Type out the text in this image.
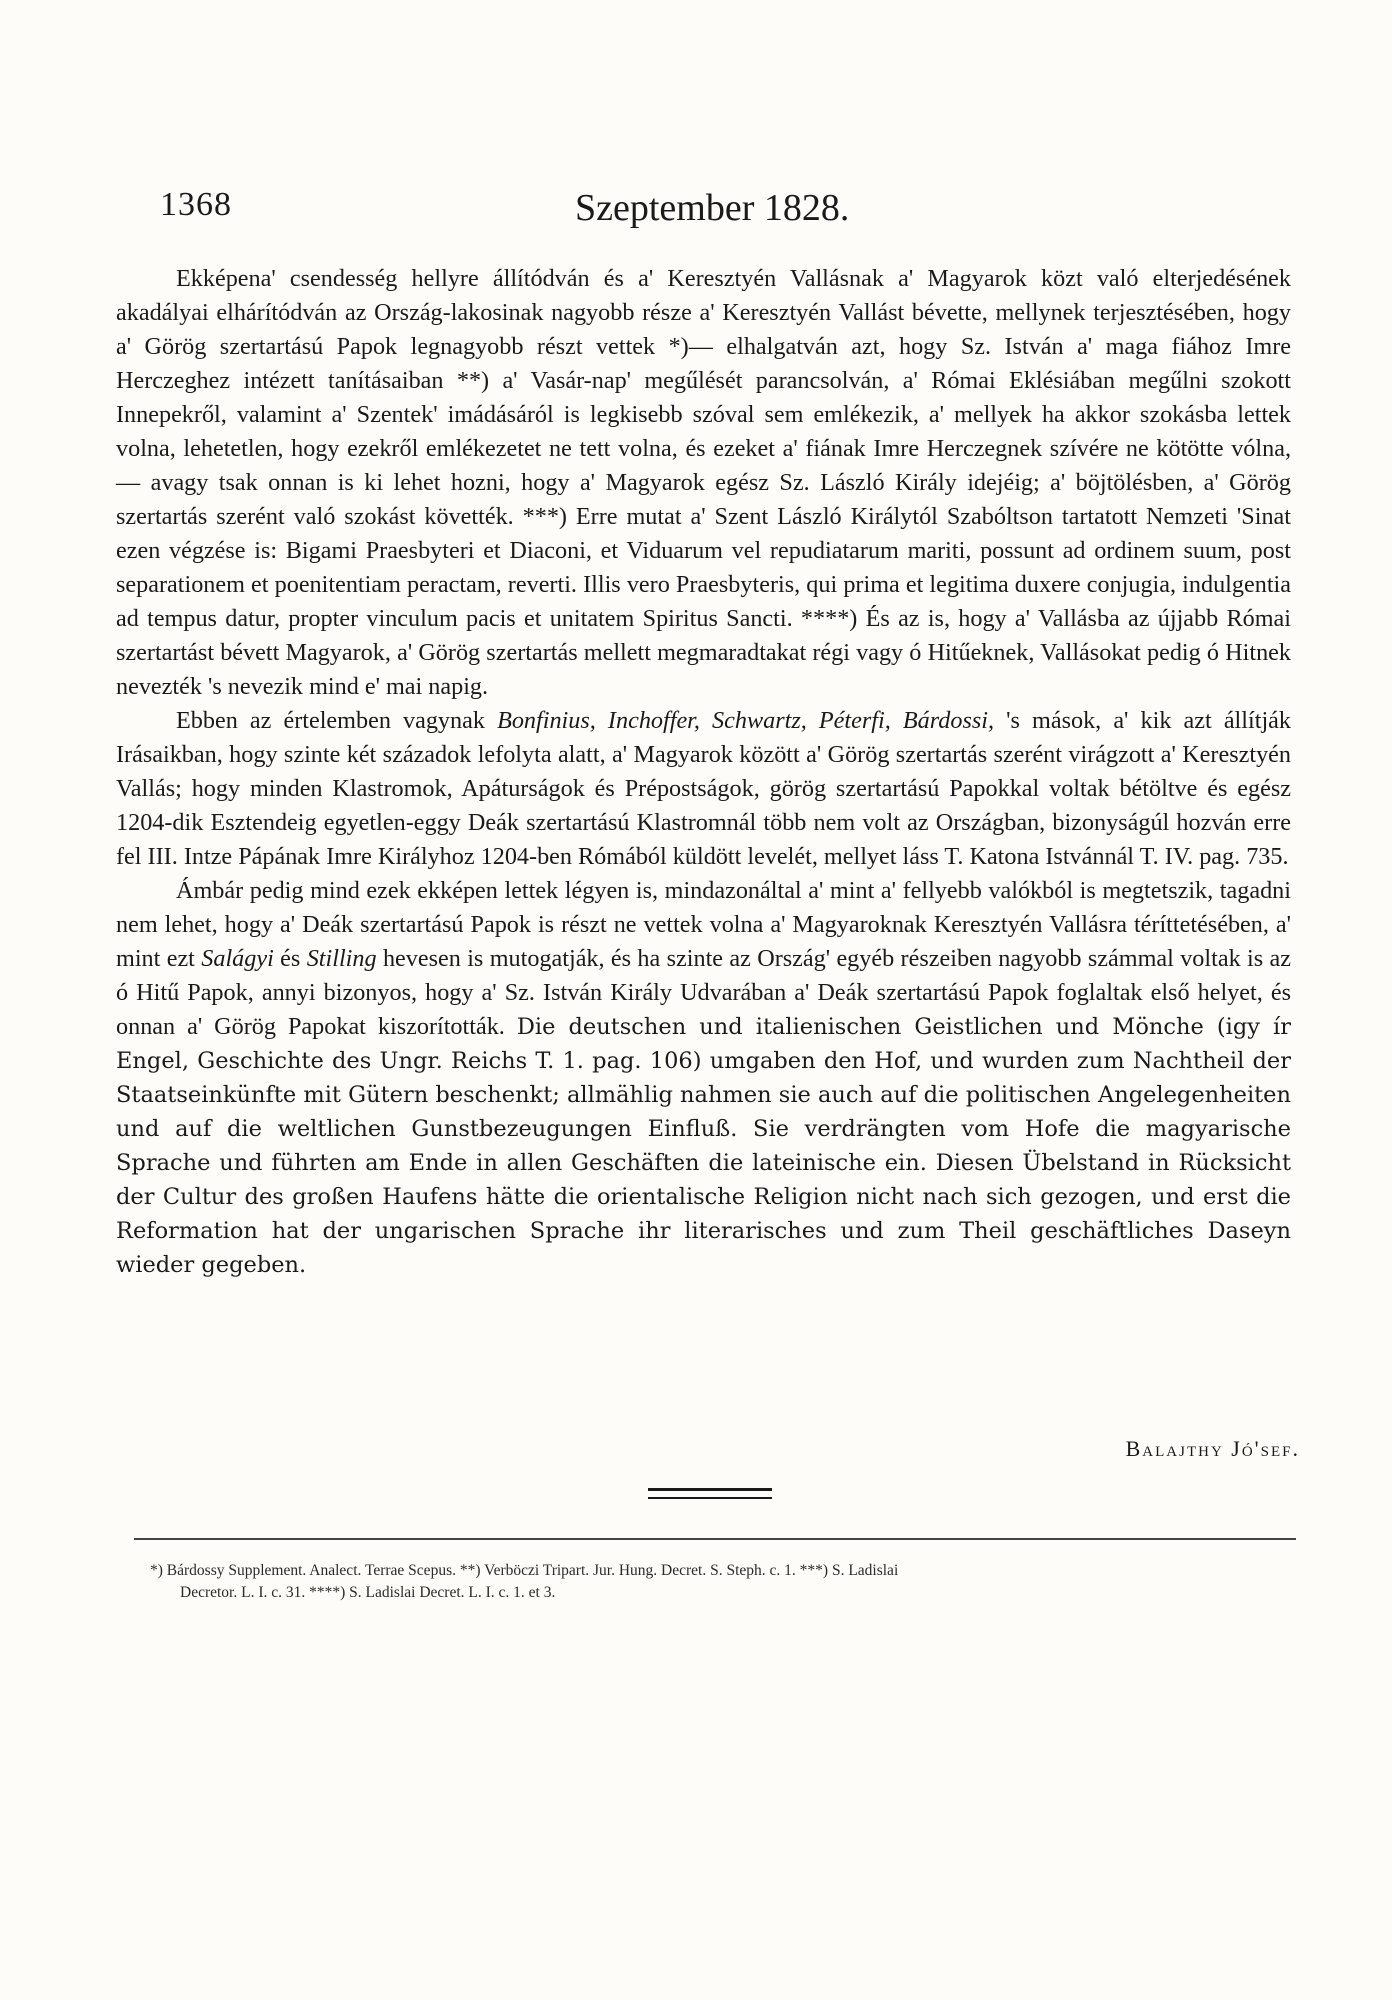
1368	Szeptember 1828.

Ekképena' csendesség hellyre állítódván és a' Keresztyén Vallásnak a' Magyarok közt való elterjedésének akadályai elhárítódván az Ország-lakosinak nagyobb része a' Keresztyén Vallást bévette, mellynek terjesztésében, hogy a' Görög szertartású Papok legnagyobb részt vettek *)— elhalgatván azt, hogy Sz. István a' maga fiához Imre Herczeghez intézett tanításaiban **) a' Vasár-nap' megűlését parancsolván, a' Római Eklésiában megűlni szokott Innepekről, valamint a' Szentek' imádásáról is legkisebb szóval sem emlékezik, a' mellyek ha akkor szokásba lettek volna, lehetetlen, hogy ezekről emlékezetet ne tett volna, és ezeket a' fiának Imre Herczegnek szívére ne kötötte vólna, — avagy tsak onnan is ki lehet hozni, hogy a' Magyarok egész Sz. László Király idejéig; a' böjtölésben, a' Görög szertartás szerént való szokást követték. ***) Erre mutat a' Szent László Királytól Szabóltson tartatott Nemzeti 'Sinat ezen végzése is: Bigami Praesbyteri et Diaconi, et Viduarum vel repudiatarum mariti, possunt ad ordinem suum, post separationem et poenitentiam peractam, reverti. Illis vero Praesbyteris, qui prima et legitima duxere conjugia, indulgentia ad tempus datur, propter vinculum pacis et unitatem Spiritus Sancti. ****) És az is, hogy a' Vallásba az újjabb Római szertartást bévett Magyarok, a' Görög szertartás mellett megmaradtakat régi vagy ó Hitűeknek, Vallásokat pedig ó Hitnek nevezték 's nevezik mind e' mai napig.

Ebben az értelemben vagynak Bonfinius, Inchoffer, Schwartz, Péterfi, Bárdossi, 's mások, a' kik azt állítják Irásaikban, hogy szinte két századok lefolyta alatt, a' Magyarok között a' Görög szertartás szerént virágzott a' Keresztyén Vallás; hogy minden Klastromok, Apáturságok és Prépostságok, görög szertartású Papokkal voltak bétöltve és egész 1204-dik Esztendeig egyetlen-eggy Deák szertartású Klastromnál több nem volt az Országban, bizonyságúl hozván erre fel III. Intze Pápának Imre Királyhoz 1204-ben Rómából küldött levelét, mellyet láss T. Katona Istvánnál T. IV. pag. 735.

Ámbár pedig mind ezek ekképen lettek légyen is, mindazonáltal a' mint a' fellyebb valókból is megtetszik, tagadni nem lehet, hogy a' Deák szertartású Papok is részt ne vettek volna a' Magyaroknak Keresztyén Vallásra téríttetésében, a' mint ezt Salágyi és Stilling hevesen is mutogatják, és ha szinte az Ország' egyéb részeiben nagyobb számmal voltak is az ó Hitű Papok, annyi bizonyos, hogy a' Sz. István Király Udvarában a' Deák szertartású Papok foglaltak első helyet, és onnan a' Görög Papokat kiszorították. Die deutschen und italienischen Geistlichen und Mönche (igy ír Engel, Geschichte des Ungr. Reichs T. 1. pag. 106) umgaben den Hof, und wurden zum Nachtheil der Staatseinkünfte mit Gütern beschenkt; allmählig nahmen sie auch auf die politischen Angelegenheiten und auf die weltlichen Gunstbezeugungen Einfluß. Sie verdrängten vom Hofe die magyarische Sprache und führten am Ende in allen Geschäften die lateinische ein. Diesen Übelstand in Rücksicht der Cultur des großen Haufens hätte die orientalische Religion nicht nach sich gezogen, und erst die Reformation hat der ungarischen Sprache ihr literarisches und zum Theil geschäftliches Daseyn wieder gegeben.

Balajthy Jó'sef.

*) Bárdossy Supplement. Analect. Terrae Scepus. **) Verböczi Tripart. Jur. Hung. Decret. S. Steph. c. 1. ***) S. Ladislai

Decretor. L. I. c. 31. ****) S. Ladislai Decret. L. I. c. 1. et 3.
